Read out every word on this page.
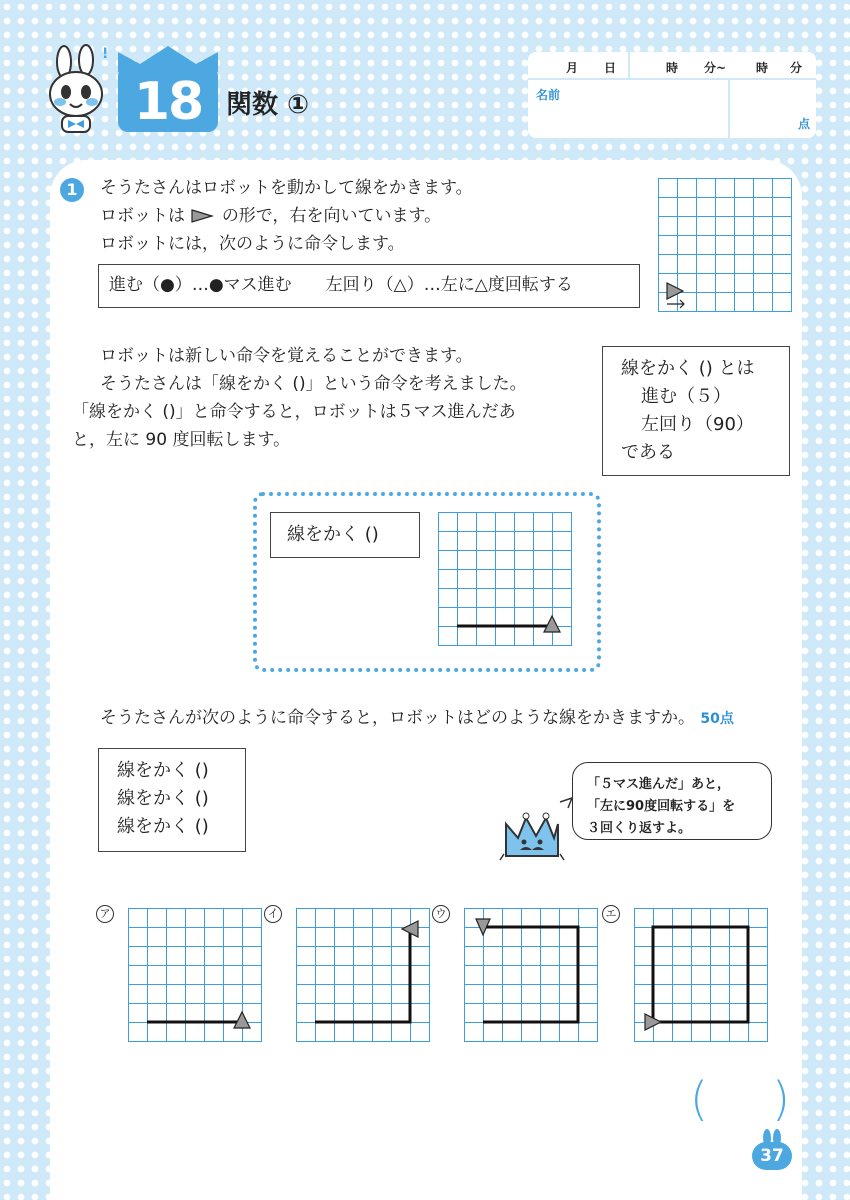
!
18 関数 ①
月 日	時 分~ 時 分
名前
点
1	そうたさんはロボットを動かして線をかきます。
ロボットは の形で，右を向いています。
ロボットには，次のように命令します。
進む（●）…●マス進む　　左回り（△）…左に△度回転する
ロボットは新しい命令を覚えることができます。
そうたさんは「線をかく ()」という命令を考えました。
「線をかく ()」と命令すると，ロボットは５マス進んだあ
と，左に 90 度回転します。
線をかく () とは
進む（５）
左回り（90）
である
線をかく ()
そうたさんが次のように命令すると，ロボットはどのような線をかきますか。 50点
線をかく ()
線をかく ()
線をかく ()
「５マス進んだ」あと，
「左に90度回転する」を
３回くり返すよ。
ア	イ	ウ	エ
( )
37
